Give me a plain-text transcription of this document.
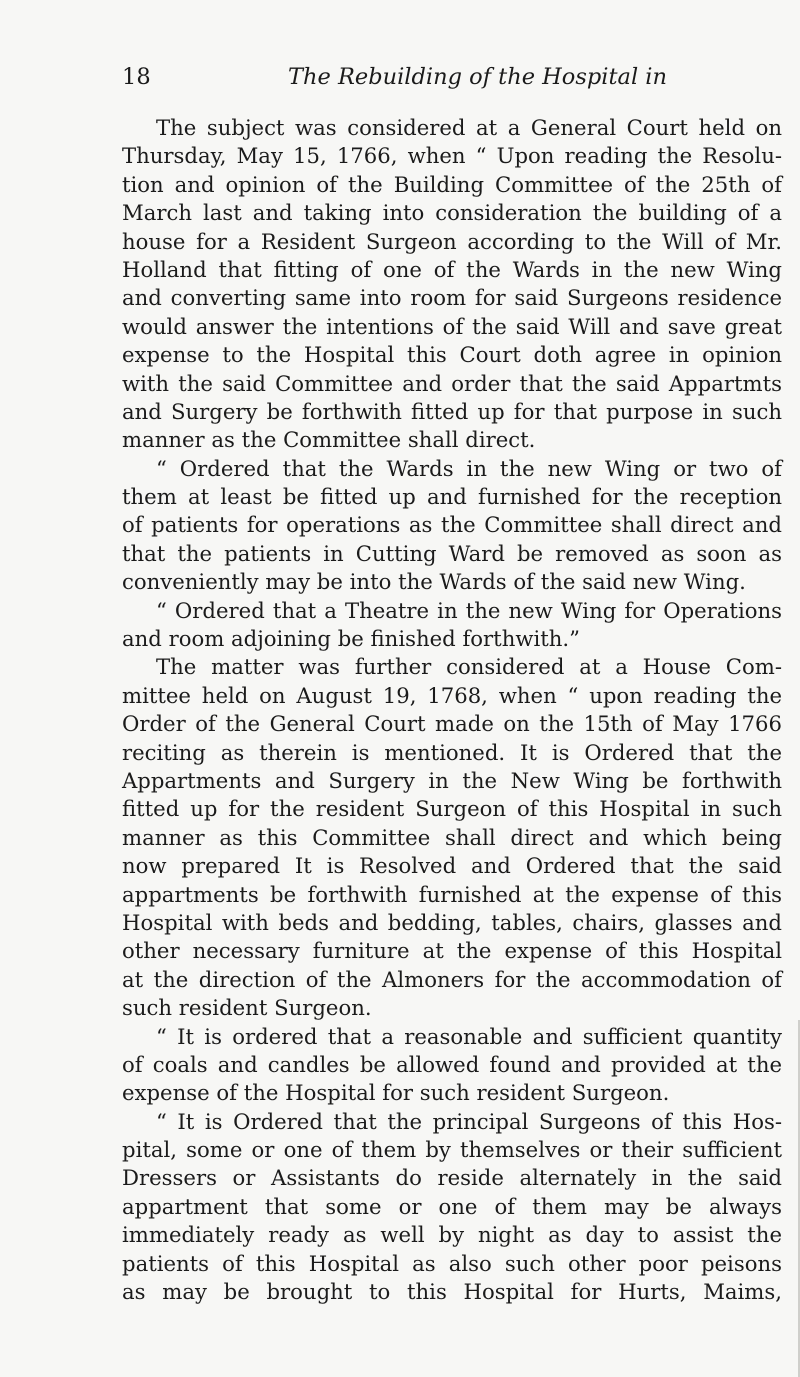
18	The Rebuilding of the Hospital in
The subject was considered at a General Court held on
Thursday, May 15, 1766, when “ Upon reading the Resolu-
tion and opinion of the Building Committee of the 25th of
March last and taking into consideration the building of a
house for a Resident Surgeon according to the Will of Mr.
Holland that fitting of one of the Wards in the new Wing
and converting same into room for said Surgeons residence
would answer the intentions of the said Will and save great
expense to the Hospital this Court doth agree in opinion
with the said Committee and order that the said Appartmts
and Surgery be forthwith fitted up for that purpose in such
manner as the Committee shall direct.
“ Ordered that the Wards in the new Wing or two of
them at least be fitted up and furnished for the reception
of patients for operations as the Committee shall direct and
that the patients in Cutting Ward be removed as soon as
conveniently may be into the Wards of the said new Wing.
“ Ordered that a Theatre in the new Wing for Operations
and room adjoining be finished forthwith.”
The matter was further considered at a House Com-
mittee held on August 19, 1768, when “ upon reading the
Order of the General Court made on the 15th of May 1766
reciting as therein is mentioned. It is Ordered that the
Appartments and Surgery in the New Wing be forthwith
fitted up for the resident Surgeon of this Hospital in such
manner as this Committee shall direct and which being
now prepared It is Resolved and Ordered that the said
appartments be forthwith furnished at the expense of this
Hospital with beds and bedding, tables, chairs, glasses and
other necessary furniture at the expense of this Hospital
at the direction of the Almoners for the accommodation of
such resident Surgeon.
“ It is ordered that a reasonable and sufficient quantity
of coals and candles be allowed found and provided at the
expense of the Hospital for such resident Surgeon.
“ It is Ordered that the principal Surgeons of this Hos-
pital, some or one of them by themselves or their sufficient
Dressers or Assistants do reside alternately in the said
appartment that some or one of them may be always
immediately ready as well by night as day to assist the
patients of this Hospital as also such other poor peisons
as may be brought to this Hospital for Hurts, Maims,
